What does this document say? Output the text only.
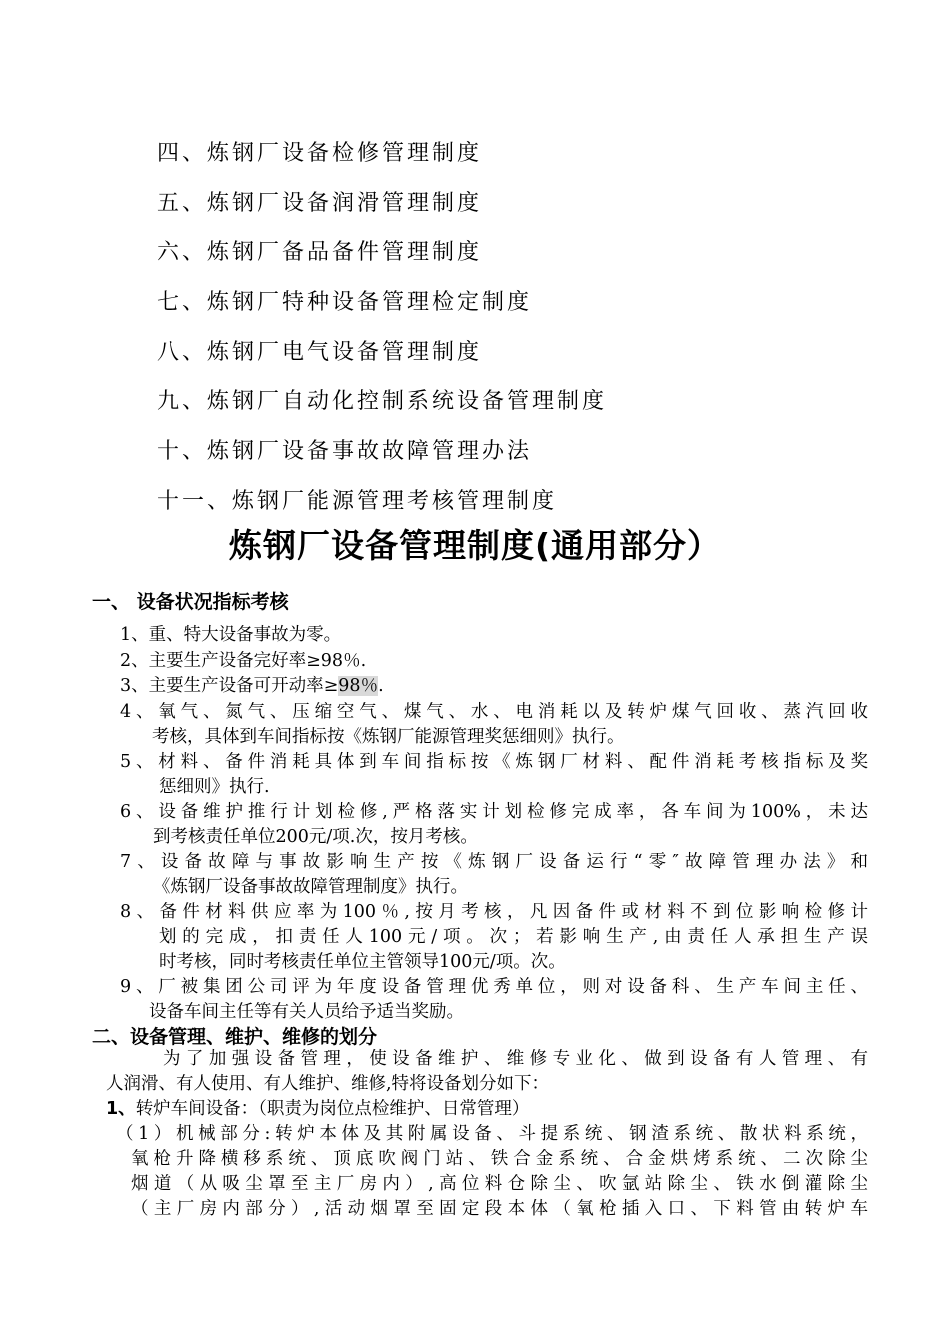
四、炼钢厂设备检修管理制度
五、炼钢厂设备润滑管理制度
六、炼钢厂备品备件管理制度
七、炼钢厂特种设备管理检定制度
八、炼钢厂电气设备管理制度
九、炼钢厂自动化控制系统设备管理制度
十、炼钢厂设备事故故障管理办法
十一、炼钢厂能源管理考核管理制度
炼钢厂设备管理制度(通用部分）
一、 设备状况指标考核
1、重、特大设备事故为零。
2、主要生产设备完好率≥98％.
3、主要生产设备可开动率≥98％.
4、氧气、氮气、压缩空气、煤气、水、电消耗以及转炉煤气回收、蒸汽回收
考核，具体到车间指标按《炼钢厂能源管理奖惩细则》执行。
5、材料、备件消耗具体到车间指标按《炼钢厂材料、配件消耗考核指标及奖
惩细则》执行.
6、设备维护推行计划检修,严格落实计划检修完成率，各车间为100%，未达
到考核责任单位200元/项.次，按月考核。
7、设备故障与事故影响生产按《炼钢厂设备运行“零″故障管理办法》和
《炼钢厂设备事故故障管理制度》执行。
8、备件材料供应率为100％,按月考核，凡因备件或材料不到位影响检修计
划的完成，扣责任人100元/项。次；若影响生产,由责任人承担生产误
时考核，同时考核责任单位主管领导100元/项。次。
9、厂被集团公司评为年度设备管理优秀单位，则对设备科、生产车间主任、
设备车间主任等有关人员给予适当奖励。
二、设备管理、维护、维修的划分
为了加强设备管理，使设备维护、维修专业化、做到设备有人管理、有
人润滑、有人使用、有人维护、维修,特将设备划分如下：
1、转炉车间设备：（职责为岗位点检维护、日常管理）
（1）机械部分:转炉本体及其附属设备、斗提系统、钢渣系统、散状料系统，
氧枪升降横移系统、顶底吹阀门站、铁合金系统、合金烘烤系统、二次除尘
烟道（从吸尘罩至主厂房内）,高位料仓除尘、吹氩站除尘、铁水倒灌除尘
（主厂房内部分）,活动烟罩至固定段本体（氧枪插入口、下料管由转炉车
